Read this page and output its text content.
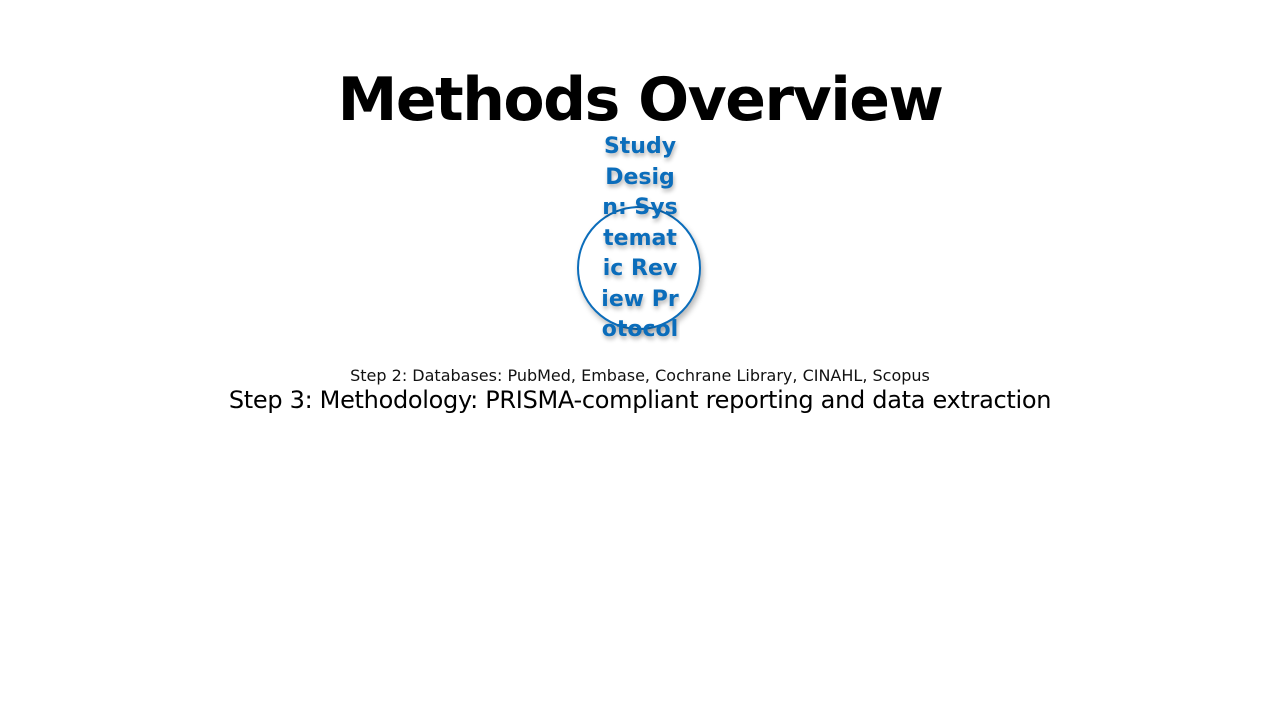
Methods Overview
Study Design: Systematic Review Protocol
Step 2: Databases: PubMed, Embase, Cochrane Library, CINAHL, Scopus
Step 3: Methodology: PRISMA-compliant reporting and data extraction
